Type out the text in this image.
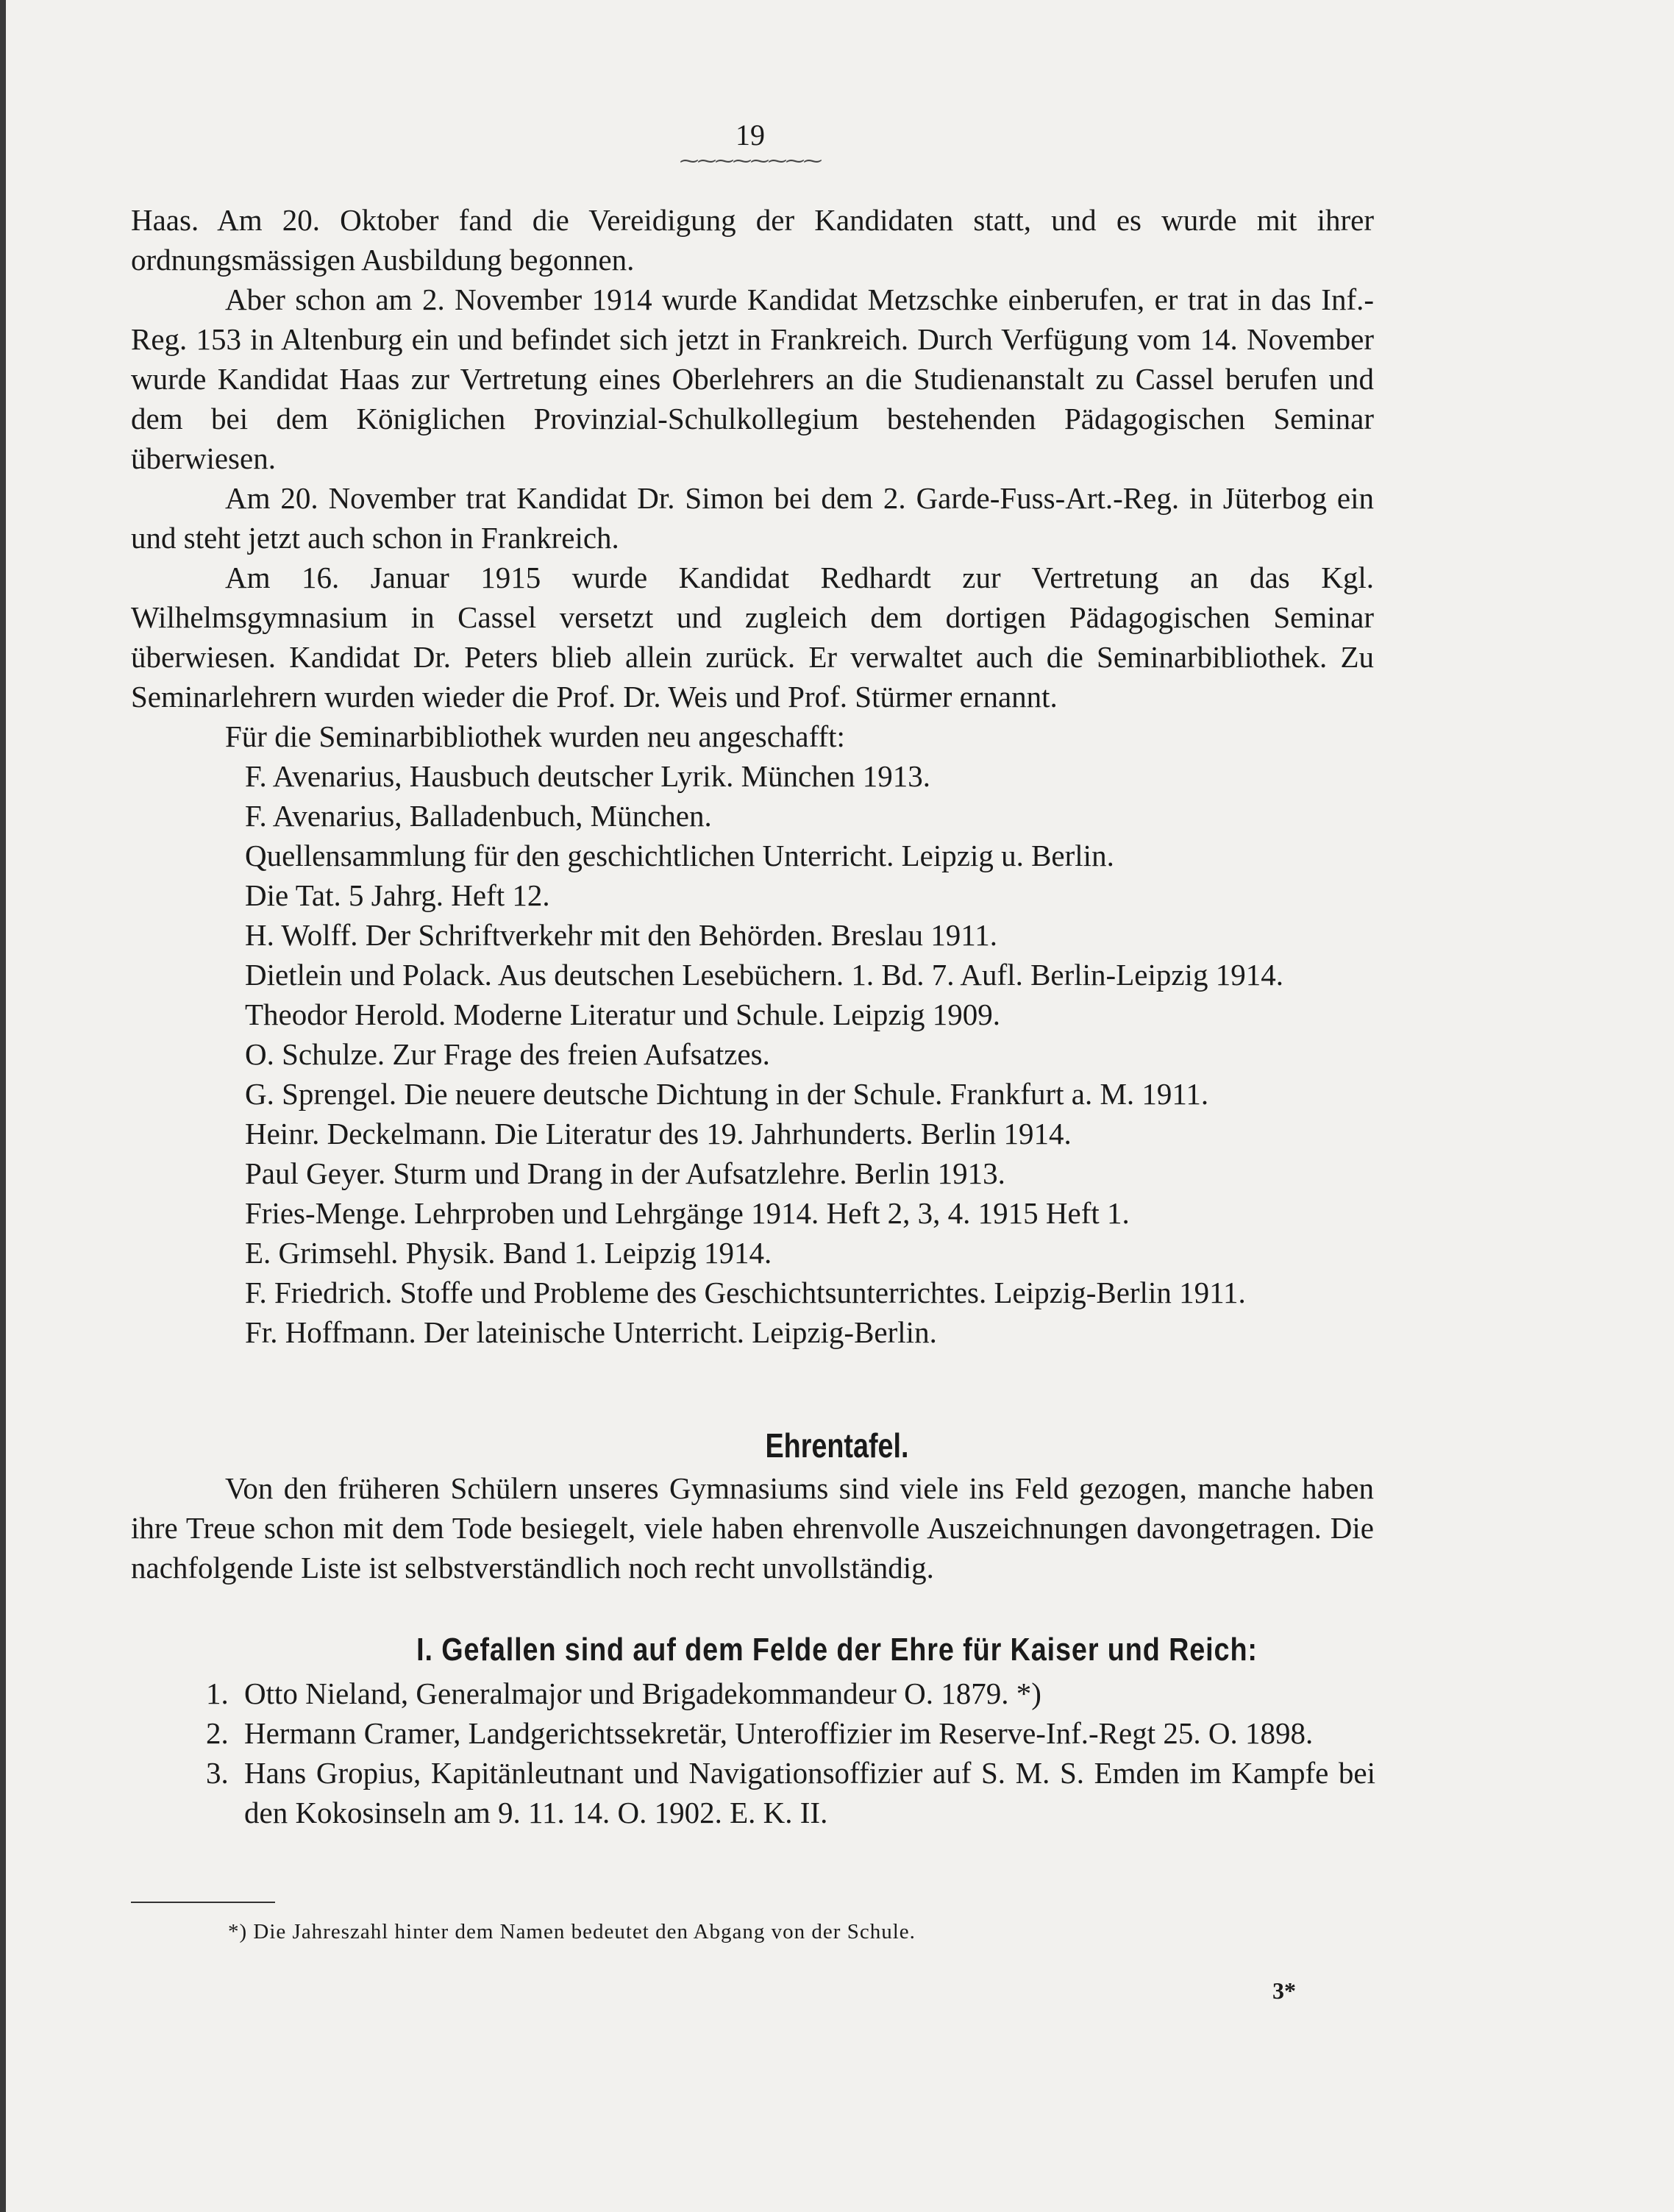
19
⁓⁓⁓⁓⁓⁓⁓⁓

Haas. Am 20. Oktober fand die Vereidigung der Kandidaten statt, und es wurde mit ihrer ordnungsmässigen Ausbildung begonnen.

Aber schon am 2. November 1914 wurde Kandidat Metzschke einberufen, er trat in das Inf.-Reg. 153 in Altenburg ein und befindet sich jetzt in Frankreich. Durch Verfügung vom 14. November wurde Kandidat Haas zur Vertretung eines Oberlehrers an die Studienanstalt zu Cassel berufen und dem bei dem Königlichen Provinzial-Schulkollegium bestehenden Pädagogischen Seminar überwiesen.

Am 20. November trat Kandidat Dr. Simon bei dem 2. Garde-Fuss-Art.-Reg. in Jüterbog ein und steht jetzt auch schon in Frankreich.

Am 16. Januar 1915 wurde Kandidat Redhardt zur Vertretung an das Kgl. Wilhelmsgymnasium in Cassel versetzt und zugleich dem dortigen Pädagogischen Seminar überwiesen. Kandidat Dr. Peters blieb allein zurück. Er verwaltet auch die Seminarbibliothek. Zu Seminarlehrern wurden wieder die Prof. Dr. Weis und Prof. Stürmer ernannt.

Für die Seminarbibliothek wurden neu angeschafft:

F. Avenarius, Hausbuch deutscher Lyrik. München 1913.
F. Avenarius, Balladenbuch, München.
Quellensammlung für den geschichtlichen Unterricht. Leipzig u. Berlin.
Die Tat. 5 Jahrg. Heft 12.
H. Wolff. Der Schriftverkehr mit den Behörden. Breslau 1911.
Dietlein und Polack. Aus deutschen Lesebüchern. 1. Bd. 7. Aufl. Berlin-Leipzig 1914.
Theodor Herold. Moderne Literatur und Schule. Leipzig 1909.
O. Schulze. Zur Frage des freien Aufsatzes.
G. Sprengel. Die neuere deutsche Dichtung in der Schule. Frankfurt a. M. 1911.
Heinr. Deckelmann. Die Literatur des 19. Jahrhunderts. Berlin 1914.
Paul Geyer. Sturm und Drang in der Aufsatzlehre. Berlin 1913.
Fries-Menge. Lehrproben und Lehrgänge 1914. Heft 2, 3, 4. 1915 Heft 1.
E. Grimsehl. Physik. Band 1. Leipzig 1914.
F. Friedrich. Stoffe und Probleme des Geschichtsunterrichtes. Leipzig-Berlin 1911.
Fr. Hoffmann. Der lateinische Unterricht. Leipzig-Berlin.
Ehrentafel.

Von den früheren Schülern unseres Gymnasiums sind viele ins Feld gezogen, manche haben ihre Treue schon mit dem Tode besiegelt, viele haben ehrenvolle Auszeichnungen davongetragen. Die nachfolgende Liste ist selbstverständlich noch recht unvollständig.

I. Gefallen sind auf dem Felde der Ehre für Kaiser und Reich:
1. Otto Nieland, Generalmajor und Brigadekommandeur O. 1879. *)
2. Hermann Cramer, Landgerichtssekretär, Unteroffizier im Reserve-Inf.-Regt 25. O. 1898.
3. Hans Gropius, Kapitänleutnant und Navigationsoffizier auf S. M. S. Emden im Kampfe bei den Kokosinseln am 9. 11. 14. O. 1902. E. K. II.
*) Die Jahreszahl hinter dem Namen bedeutet den Abgang von der Schule.
3*
